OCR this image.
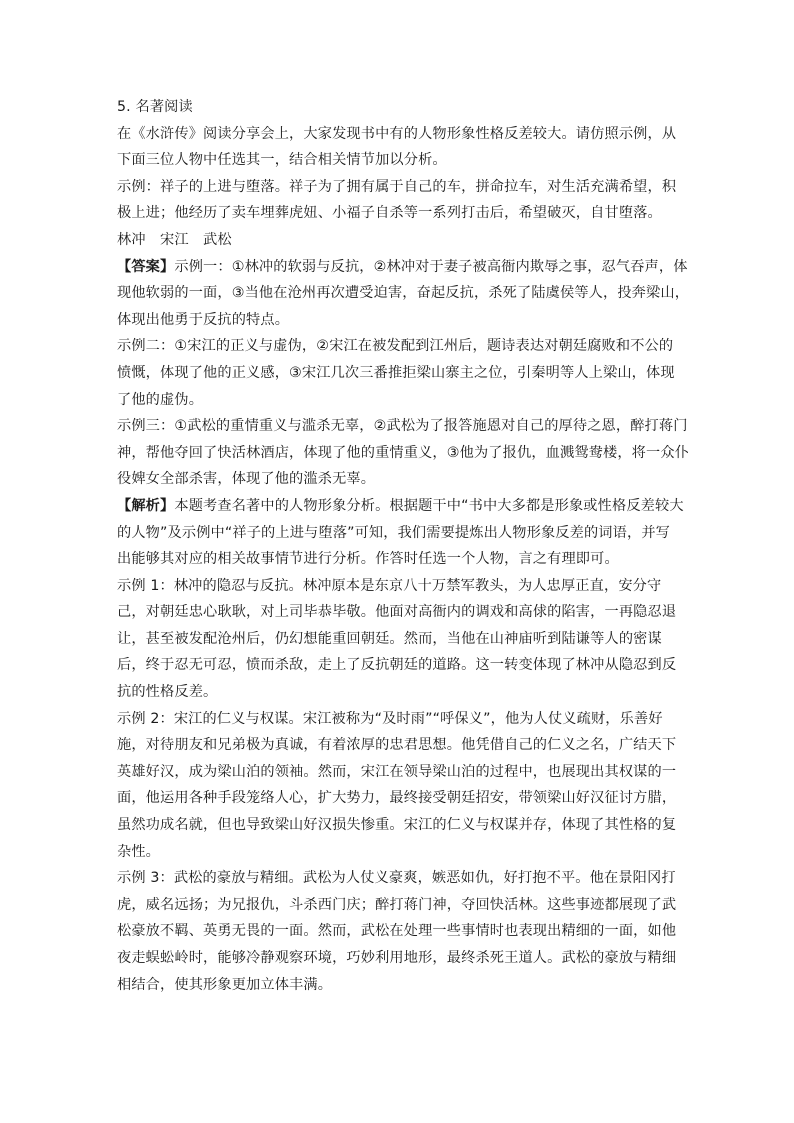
5. 名著阅读
在《水浒传》阅读分享会上，大家发现书中有的人物形象性格反差较大。请仿照示例，从
下面三位人物中任选其一，结合相关情节加以分析。
示例：祥子的上进与堕落。祥子为了拥有属于自己的车，拼命拉车，对生活充满希望，积
极上进；他经历了卖车埋葬虎妞、小福子自杀等一系列打击后，希望破灭，自甘堕落。
林冲　宋江　武松
【答案】示例一：①林冲的软弱与反抗，②林冲对于妻子被高衙内欺辱之事，忍气吞声，体
现他软弱的一面，③当他在沧州再次遭受迫害，奋起反抗，杀死了陆虞侯等人，投奔梁山，
体现出他勇于反抗的特点。
示例二：①宋江的正义与虚伪，②宋江在被发配到江州后，题诗表达对朝廷腐败和不公的
愤慨，体现了他的正义感，③宋江几次三番推拒梁山寨主之位，引秦明等人上梁山，体现
了他的虚伪。
示例三：①武松的重情重义与滥杀无辜，②武松为了报答施恩对自己的厚待之恩，醉打蒋门
神，帮他夺回了快活林酒店，体现了他的重情重义，③他为了报仇，血溅鸳鸯楼，将一众仆
役婢女全部杀害，体现了他的滥杀无辜。
【解析】本题考查名著中的人物形象分析。根据题干中“书中大多都是形象或性格反差较大
的人物”及示例中“祥子的上进与堕落”可知，我们需要提炼出人物形象反差的词语，并写
出能够其对应的相关故事情节进行分析。作答时任选一个人物，言之有理即可。
示例 1：林冲的隐忍与反抗。林冲原本是东京八十万禁军教头，为人忠厚正直，安分守
己，对朝廷忠心耿耿，对上司毕恭毕敬。他面对高衙内的调戏和高俅的陷害，一再隐忍退
让，甚至被发配沧州后，仍幻想能重回朝廷。然而，当他在山神庙听到陆谦等人的密谋
后，终于忍无可忍，愤而杀敌，走上了反抗朝廷的道路。这一转变体现了林冲从隐忍到反
抗的性格反差。
示例 2：宋江的仁义与权谋。宋江被称为“及时雨”“呼保义”，他为人仗义疏财，乐善好
施，对待朋友和兄弟极为真诚，有着浓厚的忠君思想。他凭借自己的仁义之名，广结天下
英雄好汉，成为梁山泊的领袖。然而，宋江在领导梁山泊的过程中，也展现出其权谋的一
面，他运用各种手段笼络人心，扩大势力，最终接受朝廷招安，带领梁山好汉征讨方腊，
虽然功成名就，但也导致梁山好汉损失惨重。宋江的仁义与权谋并存，体现了其性格的复
杂性。
示例 3：武松的豪放与精细。武松为人仗义豪爽，嫉恶如仇，好打抱不平。他在景阳冈打
虎，威名远扬；为兄报仇，斗杀西门庆；醉打蒋门神，夺回快活林。这些事迹都展现了武
松豪放不羁、英勇无畏的一面。然而，武松在处理一些事情时也表现出精细的一面，如他
夜走蜈蚣岭时，能够冷静观察环境，巧妙利用地形，最终杀死王道人。武松的豪放与精细
相结合，使其形象更加立体丰满。
